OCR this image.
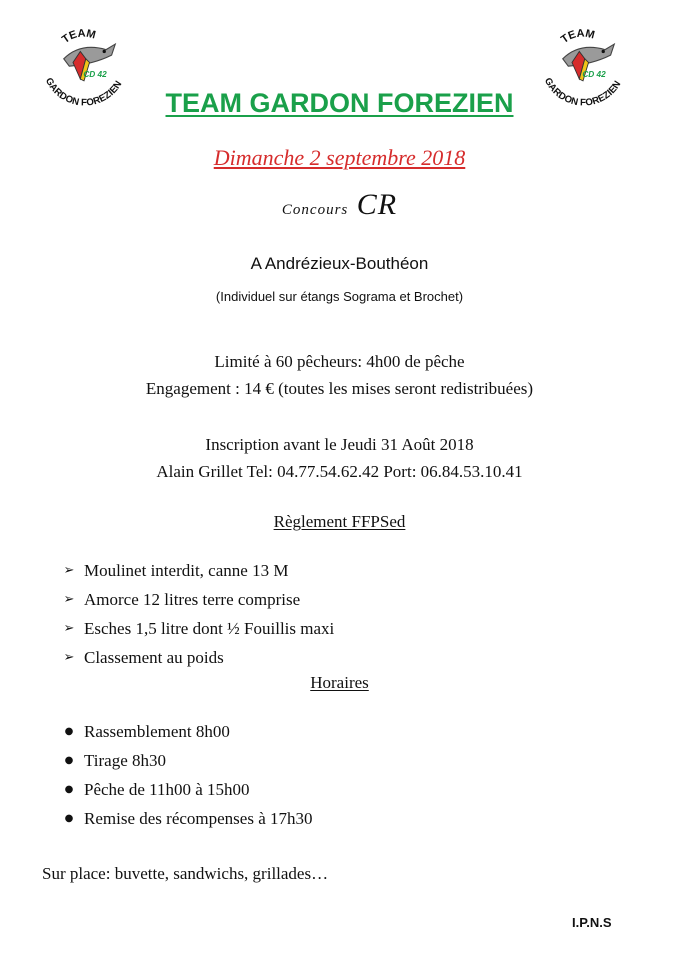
TEAM
CD 42
GARDON FOREZIEN
TEAM
CD 42
GARDON FOREZIEN
TEAM GARDON FOREZIEN
Dimanche 2 septembre 2018
Concours CR
A Andrézieux-Bouthéon
(Individuel sur étangs Sograma et Brochet)
Limité à 60 pêcheurs: 4h00 de pêche
Engagement : 14 € (toutes les mises seront redistribuées)
Inscription avant le Jeudi 31 Août 2018
Alain Grillet Tel: 04.77.54.62.42 Port: 06.84.53.10.41
Règlement FFPSed
➢ Moulinet interdit, canne 13 M
➢ Amorce 12 litres terre comprise
➢ Esches 1,5 litre dont ½ Fouillis maxi
➢ Classement au poids
Horaires
● Rassemblement 8h00
● Tirage 8h30
● Pêche de 11h00 à 15h00
● Remise des récompenses à 17h30
Sur place: buvette, sandwichs, grillades…
I.P.N.S
